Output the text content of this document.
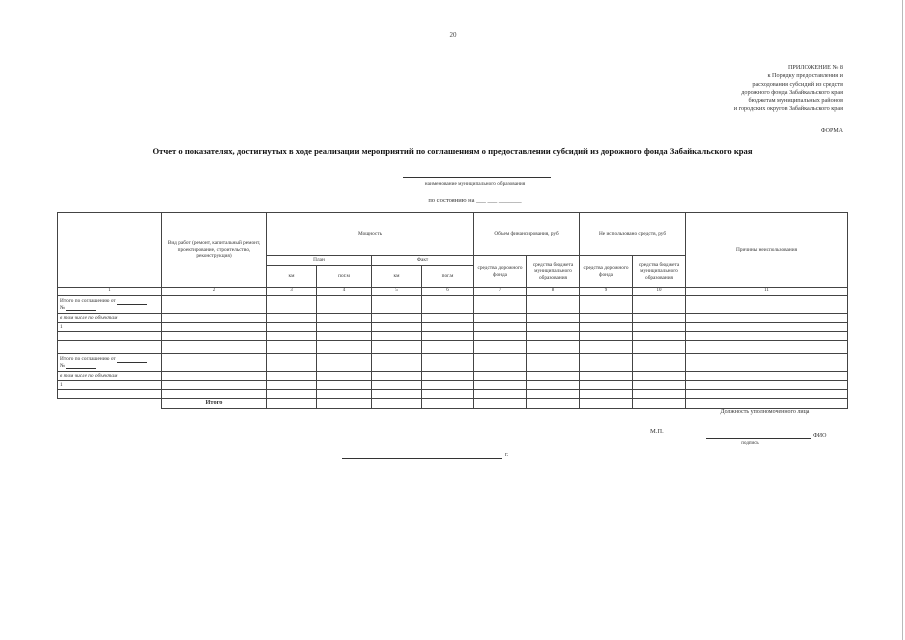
20
ПРИЛОЖЕНИЕ № 8
к Порядку предоставления и
расходования субсидий из средств
дорожного фонда Забайкальского края
бюджетам муниципальных районов
и городских округов Забайкальского края
ФОРМА
Отчет о показателях, достигнутых в ходе реализации мероприятий по соглашениям о предоставлении субсидий из дорожного фонда Забайкальского края
наименование муниципального образования
по состоянию на ___ ___ _______
	Вид работ (ремонт, капитальный ремонт, проектирование, строительство, реконструкция)	Мощность				Объем финансирования, руб		Не использовано средств, руб		Причины неиспользования
		План		Факт		средства дорожного фонда	средства бюджета муниципального образования	средства дорожного фонда	средства бюджета муниципального образования	
		км	пог.м	км	пог.м					
1	2	3	4	5	6	7	8	9	10	11
Итого по соглашению от
№										
в том числе по объектам										
1										

Итого по соглашению от
№										
в том числе по объектам										
1										

	Итого									
Должность уполномоченного лица
М.П.
ФИО
подпись
г.
